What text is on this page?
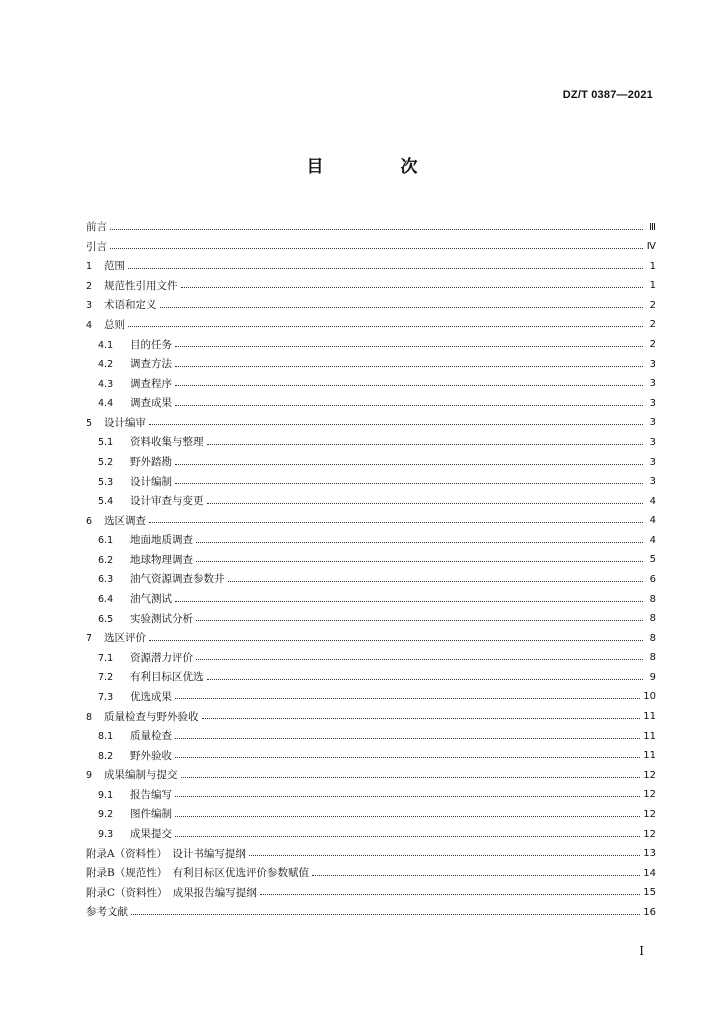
DZ/T 0387—2021
目　次
前言	Ⅲ
引言	Ⅳ
1 范围	1
2 规范性引用文件	1
3 术语和定义	2
4 总则	2
4.1 目的任务	2
4.2 调查方法	3
4.3 调查程序	3
4.4 调查成果	3
5 设计编审	3
5.1 资料收集与整理	3
5.2 野外踏勘	3
5.3 设计编制	3
5.4 设计审查与变更	4
6 选区调查	4
6.1 地面地质调查	4
6.2 地球物理调查	5
6.3 油气资源调查参数井	6
6.4 油气测试	8
6.5 实验测试分析	8
7 选区评价	8
7.1 资源潜力评价	8
7.2 有利目标区优选	9
7.3 优选成果	10
8 质量检查与野外验收	11
8.1 质量检查	11
8.2 野外验收	11
9 成果编制与提交	12
9.1 报告编写	12
9.2 图件编制	12
9.3 成果提交	12
附录A（资料性）　设计书编写提纲	13
附录B（规范性）　有利目标区优选评价参数赋值	14
附录C（资料性）　成果报告编写提纲	15
参考文献	16
I
